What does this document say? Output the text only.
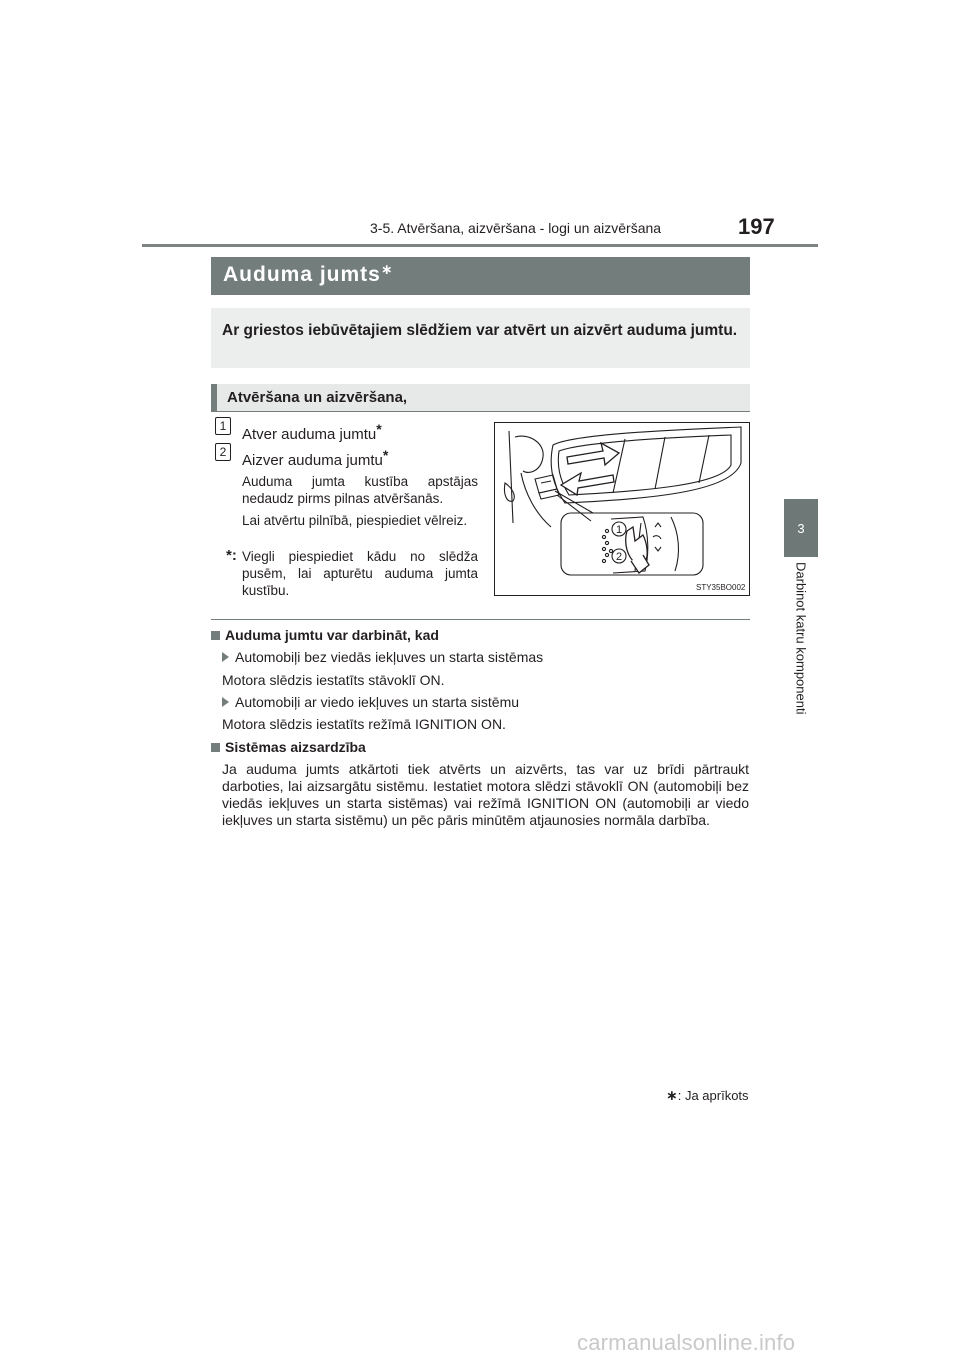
3-5. Atvēršana, aizvēršana - logi un aizvēršana	197
3
Darbinot katru komponenti
Auduma jumts∗

Ar griestos iebūvētajiem slēdžiem var atvērt un aizvērt auduma jumtu.

Atvēršana un aizvēršana,
1	Atver auduma jumtu*
2	Aizver auduma jumtu*

Auduma jumta kustība apstājas nedaudz pirms pilnas atvēršanās.

Lai atvērtu pilnībā, piespiediet vēlreiz.

*: Viegli piespiediet kādu no slēdža pusēm, lai apturētu auduma jumta kustību.

1
2
STY35BO002
Auduma jumtu var darbināt, kad
Automobiļi bez viedās iekļuves un starta sistēmas
Motora slēdzis iestatīts stāvoklī ON.
Automobiļi ar viedo iekļuves un starta sistēmu
Motora slēdzis iestatīts režīmā IGNITION ON.
Sistēmas aizsardzība

Ja auduma jumts atkārtoti tiek atvērts un aizvērts, tas var uz brīdi pārtraukt darboties, lai aizsargātu sistēmu. Iestatiet motora slēdzi stāvoklī ON (automobiļi bez viedās iekļuves un starta sistēmas) vai režīmā IGNITION ON (automobiļi ar viedo iekļuves un starta sistēmu) un pēc pāris minūtēm atjaunosies normāla darbība.

∗: Ja aprīkots
carmanualsonline.info
